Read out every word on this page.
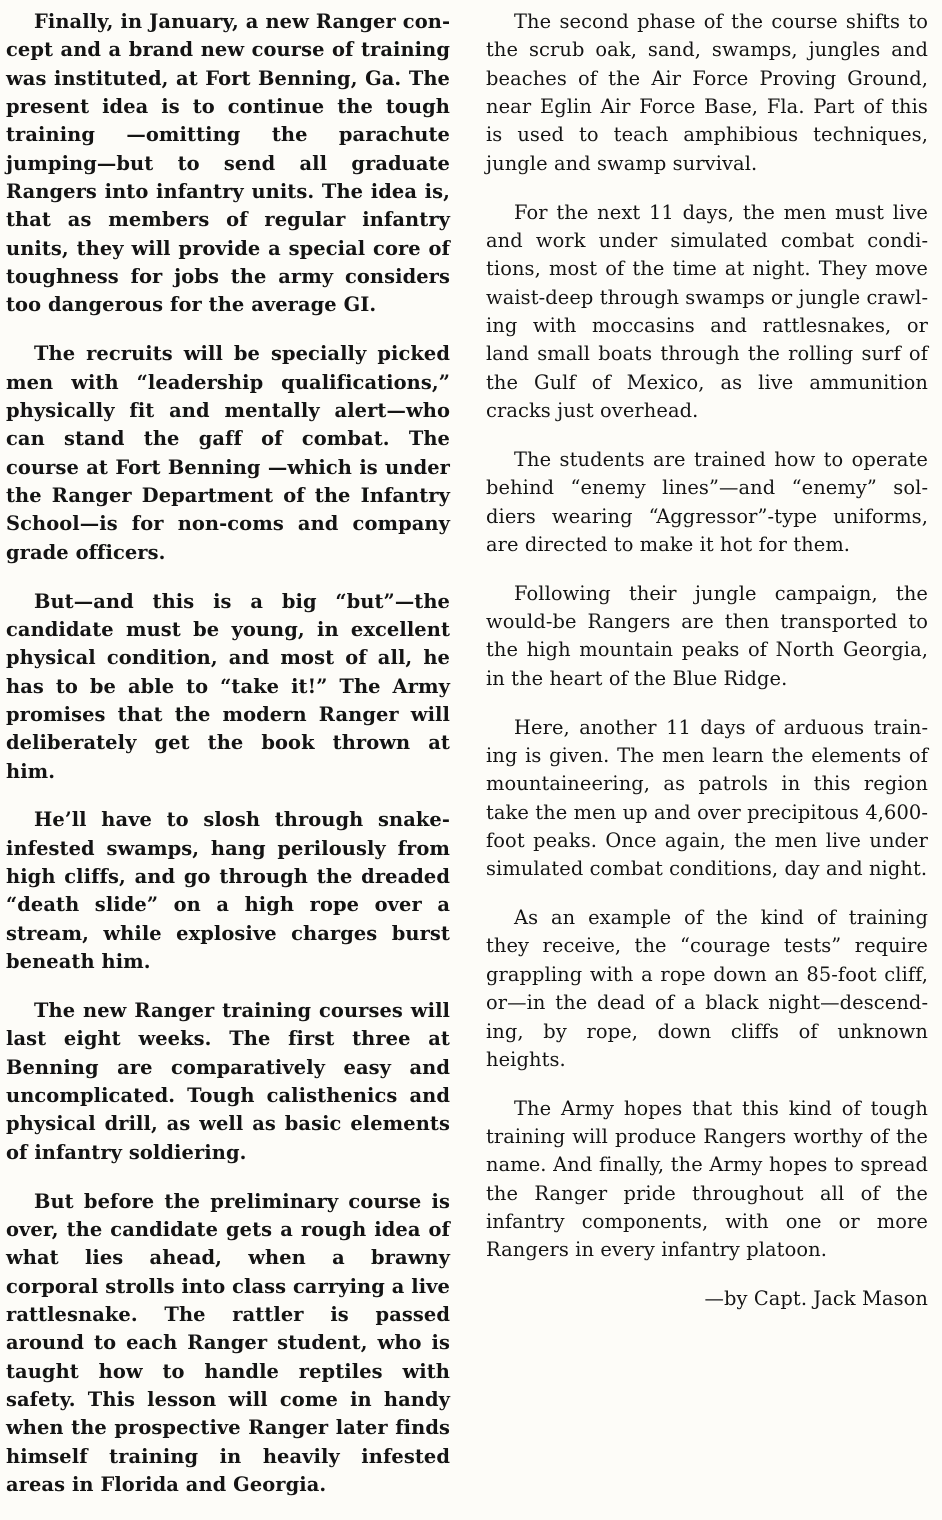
Finally, in January, a new Ranger concept and a brand new course of training was instituted, at Fort Benning, Ga. The present idea is to continue the tough training —omitting the parachute jumping—but to send all graduate Rangers into infantry units. The idea is, that as members of regular infantry units, they will provide a special core of toughness for jobs the army considers too dangerous for the average GI.

The recruits will be specially picked men with “leadership qualifications,” physically fit and mentally alert—who can stand the gaff of combat. The course at Fort Benning —which is under the Ranger Department of the Infantry School—is for non-coms and company grade officers.

But—and this is a big “but”—the candidate must be young, in excellent physical condition, and most of all, he has to be able to “take it!” The Army promises that the modern Ranger will deliberately get the book thrown at him.

He’ll have to slosh through snake-infested swamps, hang perilously from high cliffs, and go through the dreaded “death slide” on a high rope over a stream, while explosive charges burst beneath him.

The new Ranger training courses will last eight weeks. The first three at Benning are comparatively easy and uncomplicated. Tough calisthenics and physical drill, as well as basic elements of infantry soldiering.

But before the preliminary course is over, the candidate gets a rough idea of what lies ahead, when a brawny corporal strolls into class carrying a live rattlesnake. The rattler is passed around to each Ranger student, who is taught how to handle reptiles with safety. This lesson will come in handy when the prospective Ranger later finds himself training in heavily infested areas in Florida and Georgia.

The second phase of the course shifts to the scrub oak, sand, swamps, jungles and beaches of the Air Force Proving Ground, near Eglin Air Force Base, Fla. Part of this is used to teach amphibious techniques, jungle and swamp survival.

For the next 11 days, the men must live and work under simulated combat conditions, most of the time at night. They move waist-deep through swamps or jungle crawling with moccasins and rattlesnakes, or land small boats through the rolling surf of the Gulf of Mexico, as live ammunition cracks just overhead.

The students are trained how to operate behind “enemy lines”—and “enemy” soldiers wearing “Aggressor”-type uniforms, are directed to make it hot for them.

Following their jungle campaign, the would-be Rangers are then transported to the high mountain peaks of North Georgia, in the heart of the Blue Ridge.

Here, another 11 days of arduous training is given. The men learn the elements of mountaineering, as patrols in this region take the men up and over precipitous 4,600-foot peaks. Once again, the men live under simulated combat conditions, day and night.

As an example of the kind of training they receive, the “courage tests” require grappling with a rope down an 85-foot cliff, or—in the dead of a black night—descending, by rope, down cliffs of unknown heights.

The Army hopes that this kind of tough training will produce Rangers worthy of the name. And finally, the Army hopes to spread the Ranger pride throughout all of the infantry components, with one or more Rangers in every infantry platoon.

—by Capt. Jack Mason
